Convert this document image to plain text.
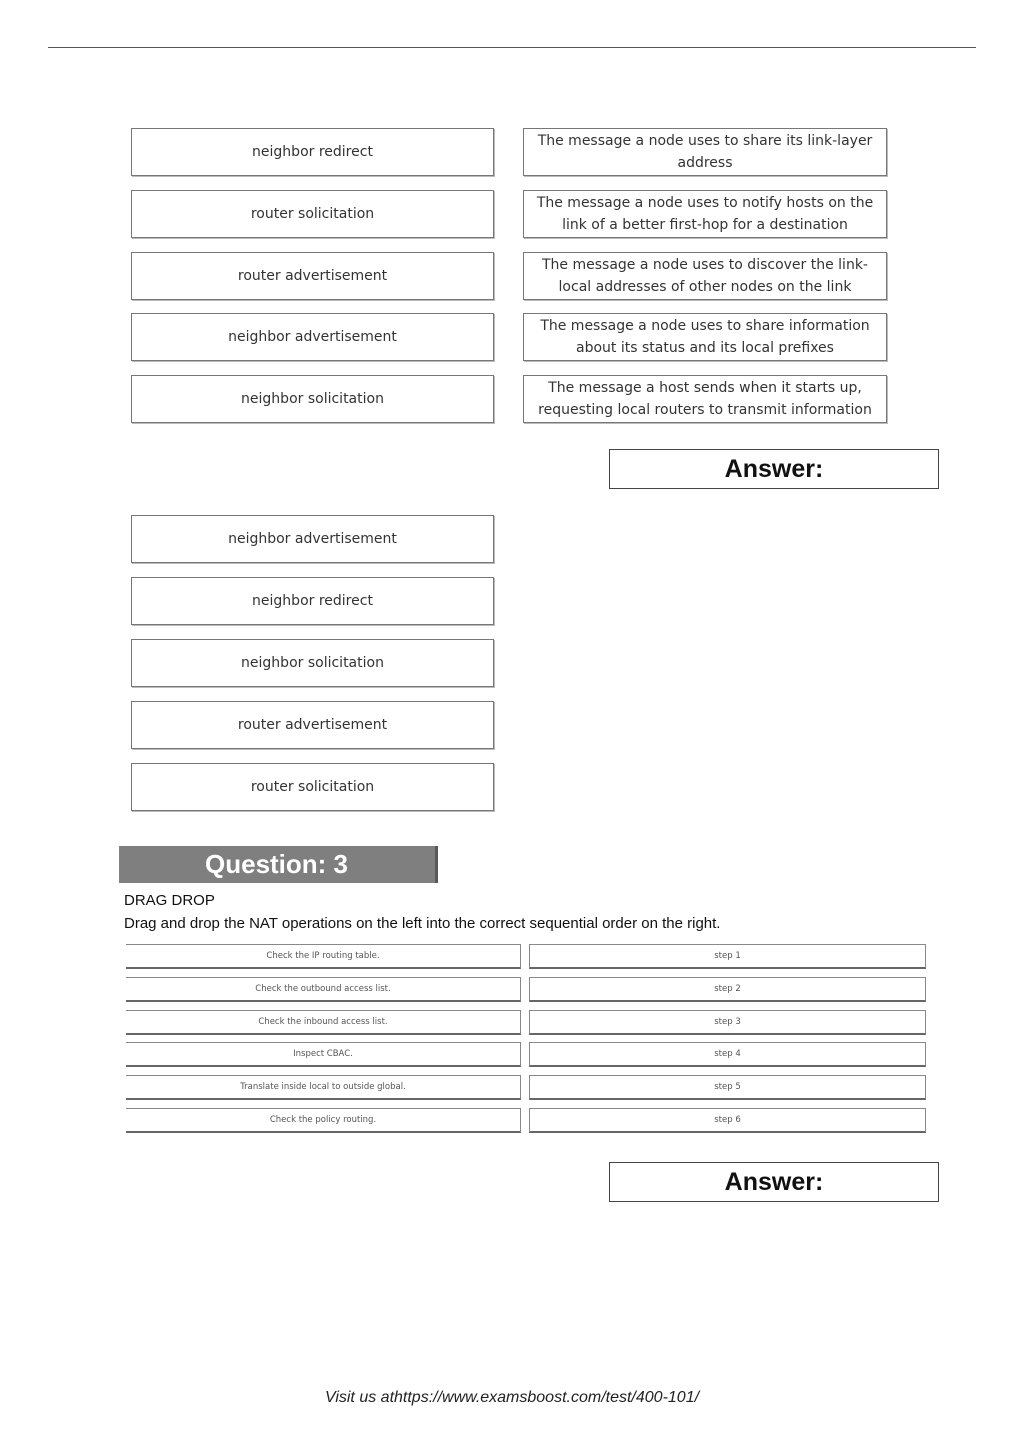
neighbor redirect
router solicitation
router advertisement
neighbor advertisement
neighbor solicitation
The message a node uses to share its link-layer address
The message a node uses to notify hosts on the link of a better first-hop for a destination
The message a node uses to discover the link-local addresses of other nodes on the link
The message a node uses to share information about its status and its local prefixes
The message a host sends when it starts up, requesting local routers to transmit information
Answer:
neighbor advertisement
neighbor redirect
neighbor solicitation
router advertisement
router solicitation
Question: 3
DRAG DROP
Drag and drop the NAT operations on the left into the correct sequential order on the right.
Check the IP routing table.
Check the outbound access list.
Check the inbound access list.
Inspect CBAC.
Translate inside local to outside global.
Check the policy routing.
step 1
step 2
step 3
step 4
step 5
step 6
Answer:
Visit us athttps://www.examsboost.com/test/400-101/
